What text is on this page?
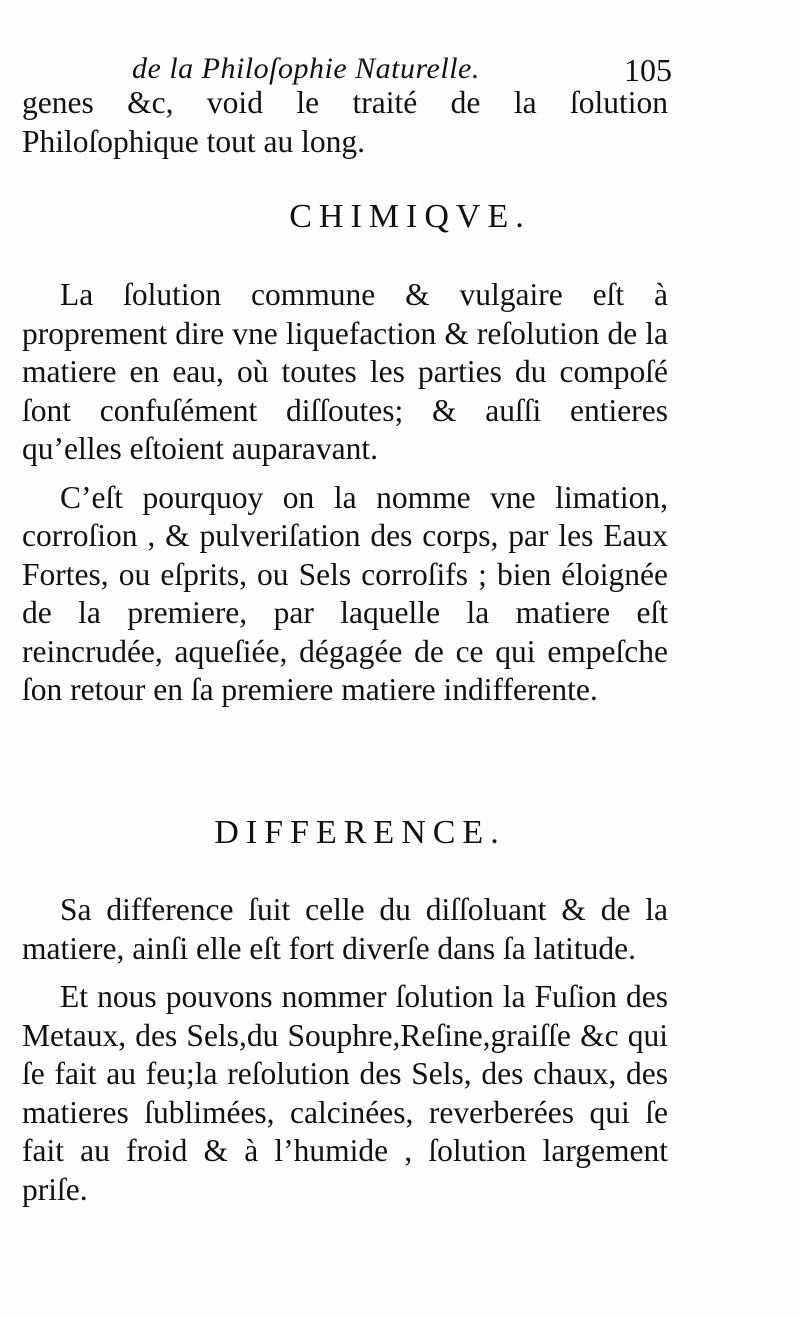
de la Philoſophie Naturelle.	105

genes &c, void le traité de la ſolution Philoſophique tout au long.

CHIMIQVE.

La ſolution commune & vulgaire eſt à proprement dire vne liquefaction & reſolution de la matiere en eau, où toutes les parties du compoſé ſont confuſément diſſoutes; & auſſi entieres qu’elles eſtoient auparavant.

C’eſt pourquoy on la nomme vne limation, corroſion , & pulveriſation des corps, par les Eaux Fortes, ou eſprits, ou Sels corroſifs ; bien éloignée de la premiere, par laquelle la matiere eſt reincrudée, aqueſiée, dégagée de ce qui empeſche ſon retour en ſa premiere matiere indifferente.

DIFFERENCE.

Sa difference ſuit celle du diſſoluant & de la matiere, ainſi elle eſt fort diverſe dans ſa latitude.

Et nous pouvons nommer ſolution la Fuſion des Metaux, des Sels,du Souphre,Reſine,graiſſe &c qui ſe fait au feu;la reſolution des Sels, des chaux, des matieres ſublimées, calcinées, reverberées qui ſe fait au froid & à l’humide , ſolution largement priſe.
